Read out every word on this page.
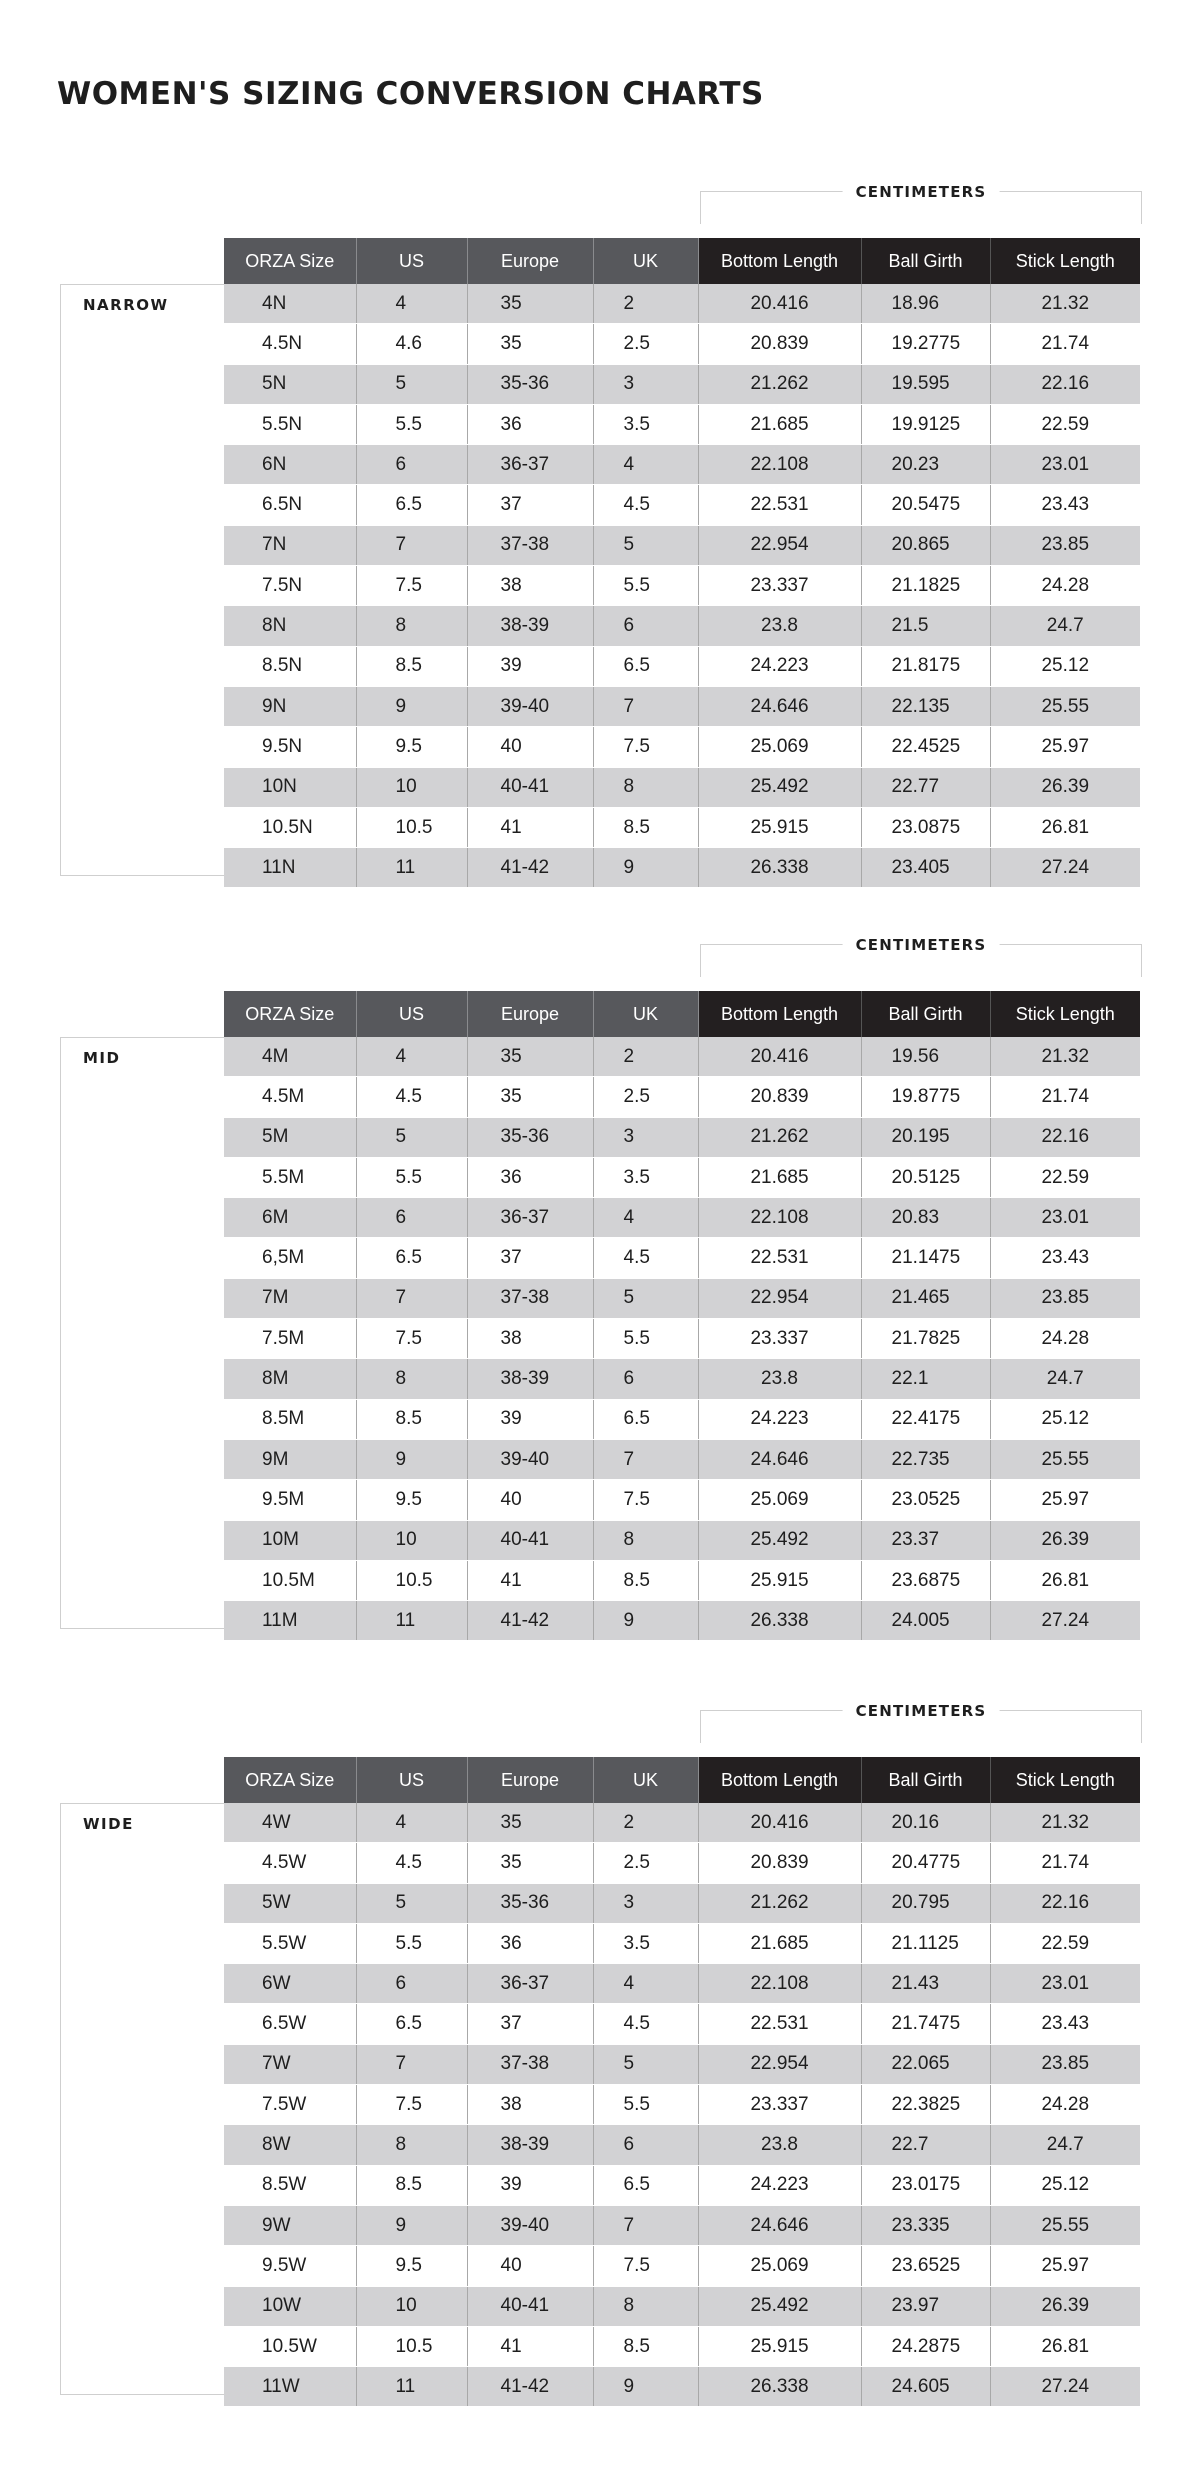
WOMEN'S SIZING CONVERSION CHARTS
CENTIMETERS
NARROW
ORZA Size	US	Europe	UK	Bottom Length	Ball Girth	Stick Length
4N	4	35	2	20.416	18.96	21.32
4.5N	4.6	35	2.5	20.839	19.2775	21.74
5N	5	35-36	3	21.262	19.595	22.16
5.5N	5.5	36	3.5	21.685	19.9125	22.59
6N	6	36-37	4	22.108	20.23	23.01
6.5N	6.5	37	4.5	22.531	20.5475	23.43
7N	7	37-38	5	22.954	20.865	23.85
7.5N	7.5	38	5.5	23.337	21.1825	24.28
8N	8	38-39	6	23.8	21.5	24.7
8.5N	8.5	39	6.5	24.223	21.8175	25.12
9N	9	39-40	7	24.646	22.135	25.55
9.5N	9.5	40	7.5	25.069	22.4525	25.97
10N	10	40-41	8	25.492	22.77	26.39
10.5N	10.5	41	8.5	25.915	23.0875	26.81
11N	11	41-42	9	26.338	23.405	27.24
CENTIMETERS
MID
ORZA Size	US	Europe	UK	Bottom Length	Ball Girth	Stick Length
4M	4	35	2	20.416	19.56	21.32
4.5M	4.5	35	2.5	20.839	19.8775	21.74
5M	5	35-36	3	21.262	20.195	22.16
5.5M	5.5	36	3.5	21.685	20.5125	22.59
6M	6	36-37	4	22.108	20.83	23.01
6,5M	6.5	37	4.5	22.531	21.1475	23.43
7M	7	37-38	5	22.954	21.465	23.85
7.5M	7.5	38	5.5	23.337	21.7825	24.28
8M	8	38-39	6	23.8	22.1	24.7
8.5M	8.5	39	6.5	24.223	22.4175	25.12
9M	9	39-40	7	24.646	22.735	25.55
9.5M	9.5	40	7.5	25.069	23.0525	25.97
10M	10	40-41	8	25.492	23.37	26.39
10.5M	10.5	41	8.5	25.915	23.6875	26.81
11M	11	41-42	9	26.338	24.005	27.24
CENTIMETERS
WIDE
ORZA Size	US	Europe	UK	Bottom Length	Ball Girth	Stick Length
4W	4	35	2	20.416	20.16	21.32
4.5W	4.5	35	2.5	20.839	20.4775	21.74
5W	5	35-36	3	21.262	20.795	22.16
5.5W	5.5	36	3.5	21.685	21.1125	22.59
6W	6	36-37	4	22.108	21.43	23.01
6.5W	6.5	37	4.5	22.531	21.7475	23.43
7W	7	37-38	5	22.954	22.065	23.85
7.5W	7.5	38	5.5	23.337	22.3825	24.28
8W	8	38-39	6	23.8	22.7	24.7
8.5W	8.5	39	6.5	24.223	23.0175	25.12
9W	9	39-40	7	24.646	23.335	25.55
9.5W	9.5	40	7.5	25.069	23.6525	25.97
10W	10	40-41	8	25.492	23.97	26.39
10.5W	10.5	41	8.5	25.915	24.2875	26.81
11W	11	41-42	9	26.338	24.605	27.24
